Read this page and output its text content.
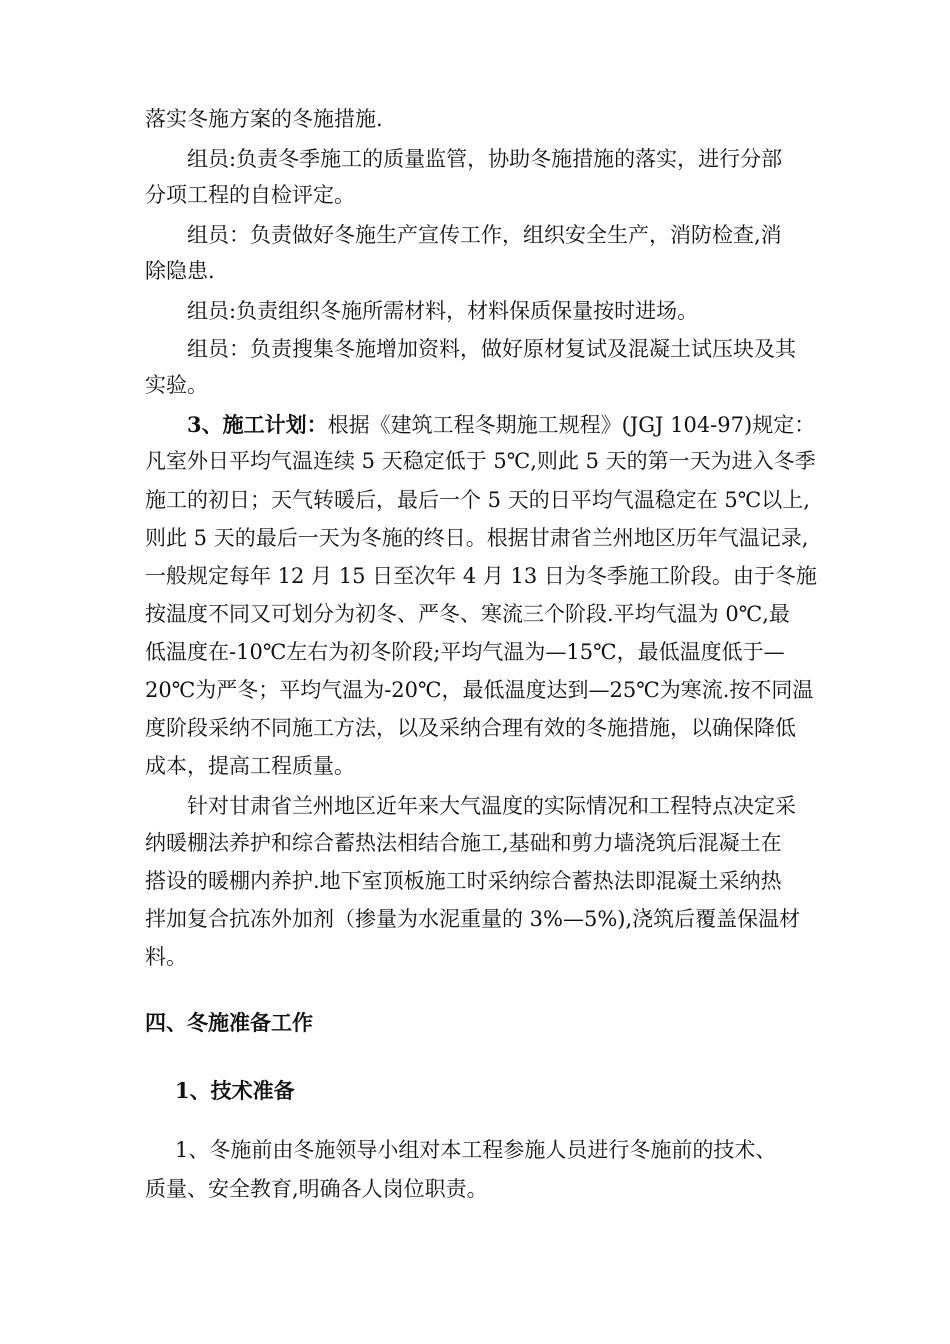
落实冬施方案的冬施措施.
组员:负责冬季施工的质量监管，协助冬施措施的落实，进行分部
分项工程的自检评定。
组员：负责做好冬施生产宣传工作，组织安全生产，消防检查,消
除隐患.
组员:负责组织冬施所需材料，材料保质保量按时进场。
组员：负责搜集冬施增加资料，做好原材复试及混凝土试压块及其
实验。
3、施工计划：根据《建筑工程冬期施工规程》(JGJ 104-97)规定：
凡室外日平均气温连续 5 天稳定低于 5℃,则此 5 天的第一天为进入冬季
施工的初日；天气转暖后，最后一个 5 天的日平均气温稳定在 5℃以上,
则此 5 天的最后一天为冬施的终日。根据甘肃省兰州地区历年气温记录,
一般规定每年 12 月 15 日至次年 4 月 13 日为冬季施工阶段。由于冬施
按温度不同又可划分为初冬、严冬、寒流三个阶段.平均气温为 0℃,最
低温度在-10℃左右为初冬阶段;平均气温为—15℃，最低温度低于—
20℃为严冬；平均气温为-20℃，最低温度达到—25℃为寒流.按不同温
度阶段采纳不同施工方法，以及采纳合理有效的冬施措施，以确保降低
成本，提高工程质量。
针对甘肃省兰州地区近年来大气温度的实际情况和工程特点决定采
纳暖棚法养护和综合蓄热法相结合施工,基础和剪力墙浇筑后混凝土在
搭设的暖棚内养护.地下室顶板施工时采纳综合蓄热法即混凝土采纳热
拌加复合抗冻外加剂（掺量为水泥重量的 3%—5%),浇筑后覆盖保温材
料。
四、冬施准备工作
1、技术准备
1、冬施前由冬施领导小组对本工程参施人员进行冬施前的技术、
质量、安全教育,明确各人岗位职责。
